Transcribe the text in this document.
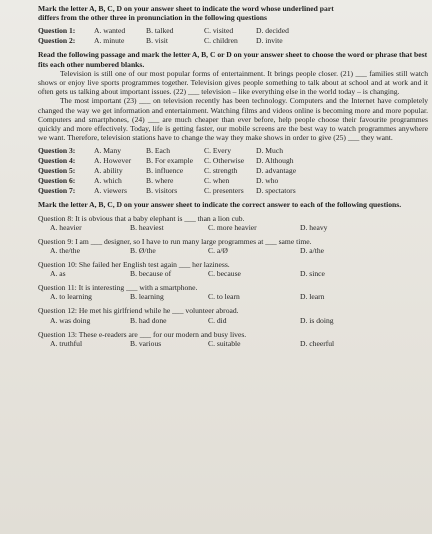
Mark the letter A, B, C, D on your answer sheet to indicate the word whose underlined part
differs from the other three in pronunciation in the following questions
Question 1: A. wanted	B. talked	C. visited	D. decided
Question 2: A. minute	B. visit	C. children D. invite
Read the following passage and mark the letter A, B, C or D on your answer sheet to choose the word or phrase that best fits each other numbered blanks.

Television is still one of our most popular forms of entertainment. It brings people closer. (21) ___ families still watch shows or enjoy live sports programmes together. Television gives people something to talk about at school and at work and it often gets us talking about important issues. (22) ___ television – like everything else in the world today – is changing.

The most important (23) ___ on television recently has been technology. Computers and the Internet have completely changed the way we get information and entertainment. Watching films and videos online is becoming more and more popular. Computers and smartphones, (24) ___ are much cheaper than ever before, help people choose their favourite programmes quickly and more effectively. Today, life is getting faster, our mobile screens are the best way to watch programmes anywhere we want. Therefore, television stations have to change the way they make shows in order to give (25) ___ they want.

Question 3: A. Many	B. Each	C. Every	D. Much
Question 4: A. However B. For example C. Otherwise D. Although
Question 5: A. ability	B. influence	C. strength D. advantage
Question 6: A. which	B. where	C. when	D. who
Question 7: A. viewers	B. visitors	C. presenters D. spectators
Mark the letter A, B, C, D on your answer sheet to indicate the correct answer to each of the following questions.
Question 8: It is obvious that a baby elephant is ___ than a lion cub.
A. heavier	B. heaviest	C. more heavier	D. heavy
Question 9: I am ___ designer, so I have to run many large programmes at ___ same time.
A. the/the	B. Ø/the	C. a/Ø	D. a/the
Question 10: She failed her English test again ___ her laziness.
A. as	B. because of	C. because	D. since
Question 11: It is interesting ___ with a smartphone.
A. to learning	B. learning	C. to learn	D. learn
Question 12: He met his girlfriend while he ___ volunteer abroad.
A. was doing	B. had done	C. did	D. is doing
Question 13: These e-readers are ___ for our modern and busy lives.
A. truthful	B. various	C. suitable	D. cheerful
